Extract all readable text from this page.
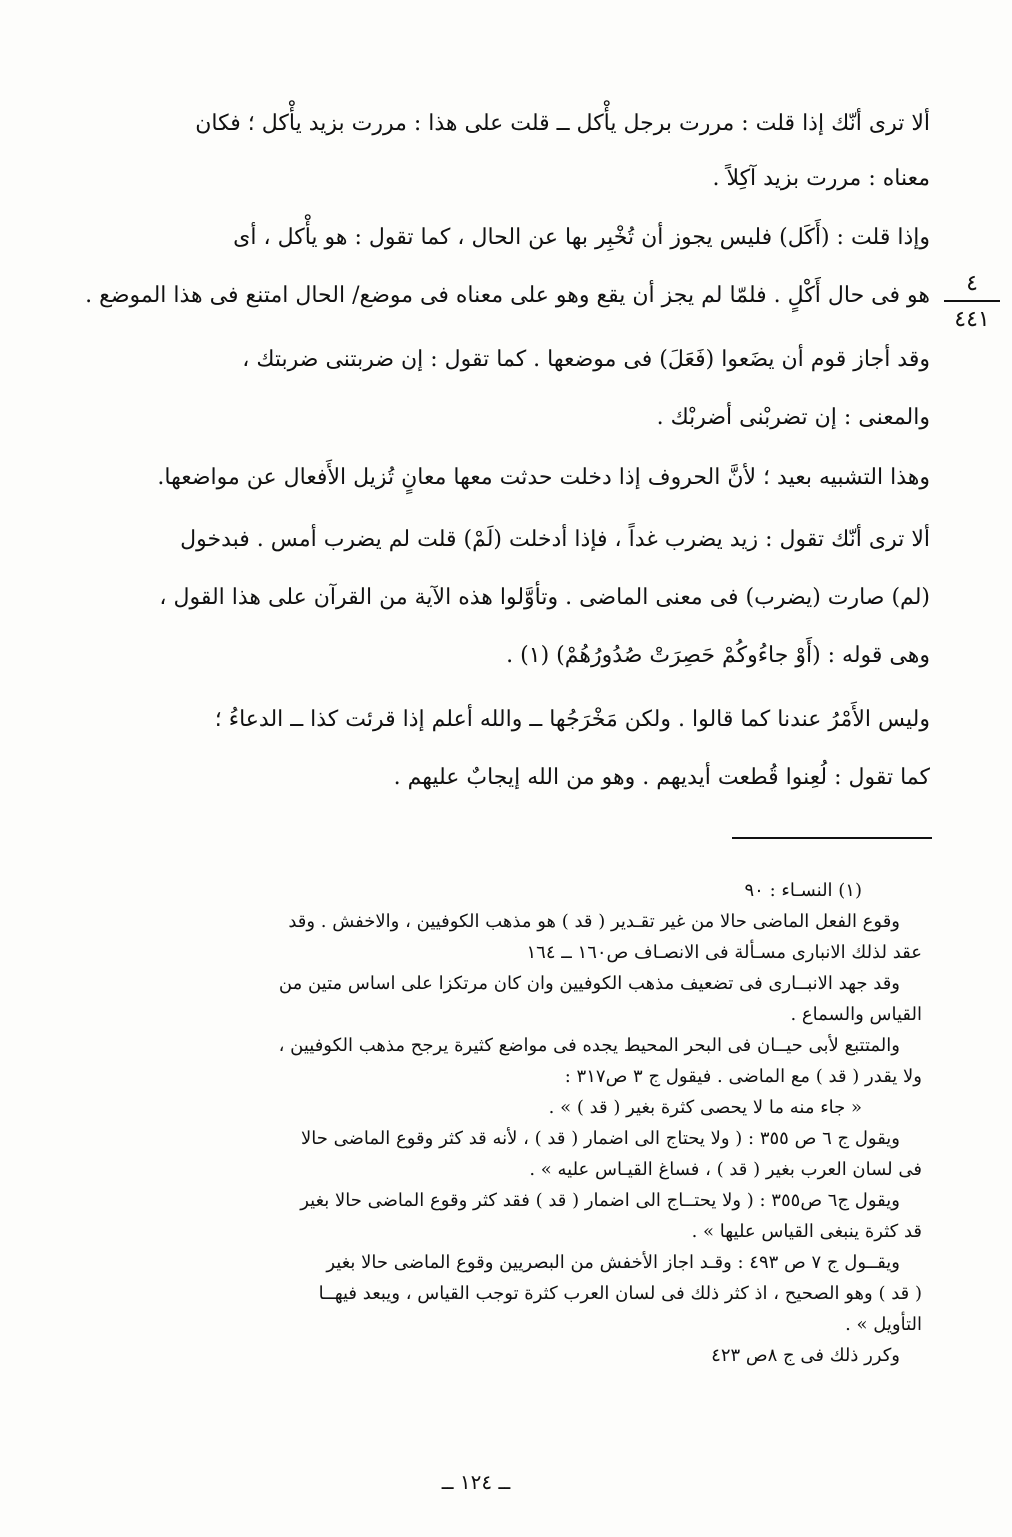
ألا ترى أنّك إذا قلت : مررت برجل يأْكل ــ قلت على هذا : مررت بزيد يأْكل ؛ فكان
معناه : مررت بزيد آكِلاً .

وإذا قلت : (أَكَل) فليس يجوز أن تُخْبِر بها عن الحال ، كما تقول : هو يأْكل ، أى
هو فى حال أَكْلٍ . فلمّا لم يجز أن يقع وهو على معناه فى موضع/ الحال امتنع فى هذا الموضع .

وقد أجاز قوم أن يضَعوا (فَعَلَ) فى موضعها . كما تقول : إن ضربتنى ضربتك ،
والمعنى : إن تضربْنى أضربْك .

وهذا التشبيه بعيد ؛ لأنَّ الحروف إذا دخلت حدثت معها معانٍ تُزيل الأَفعال عن مواضعها.

ألا ترى أنّك تقول : زيد يضرب غداً ، فإذا أدخلت (لَمْ) قلت لم يضرب أمس . فبدخول
(لم) صارت (يضرب) فى معنى الماضى . وتأوَّلوا هذه الآية من القرآن على هذا القول ،
وهى قوله : (أَوْ جاءُوكُمْ حَصِرَتْ صُدُورُهُمْ) (١) .

وليس الأَمْرُ عندنا كما قالوا . ولكن مَخْرَجُها ــ والله أعلم إذا قرئت كذا ــ الدعاءُ ؛
كما تقول : لُعِنوا قُطعت أيديهم . وهو من الله إيجابٌ عليهم .

٤
٤٤١
(١) النسـاء : ٩٠
وقوع الفعل الماضى حالا من غير تقـدير ( قد ) هو مذهب الكوفيين ، والاخفش . وقد
عقد لذلك الانبارى مسـألة فى الانصـاف ص١٦٠ ــ ١٦٤
وقد جهد الانبــارى فى تضعيف مذهب الكوفيين وان كان مرتكزا على اساس متين من
القياس والسماع .
والمتتبع لأبى حيــان فى البحر المحيط يجده فى مواضع كثيرة يرجح مذهب الكوفيين ،
ولا يقدر ( قد ) مع الماضى . فيقول ج ٣ ص٣١٧ :
« جاء منه ما لا يحصى كثرة بغير ( قد ) » .
ويقول ج ٦ ص ٣٥٥ : ( ولا يحتاج الى اضمار ( قد ) ، لأنه قد كثر وقوع الماضى حالا
فى لسان العرب بغير ( قد ) ، فساغ القيـاس عليه » .
ويقول ج٦ ص٣٥٥ : ( ولا يحتــاج الى اضمار ( قد ) فقد كثر وقوع الماضى حالا بغير
قد كثرة ينبغى القياس عليها » .
ويقــول ج ٧ ص ٤٩٣ : وقـد اجاز الأخفش من البصريين وقوع الماضى حالا بغير
( قد ) وهو الصحيح ، اذ كثر ذلك فى لسان العرب كثرة توجب القياس ، ويبعد فيهــا
التأويل » .
وكرر ذلك فى ج ٨ص ٤٢٣
ــ ١٢٤ ــ
